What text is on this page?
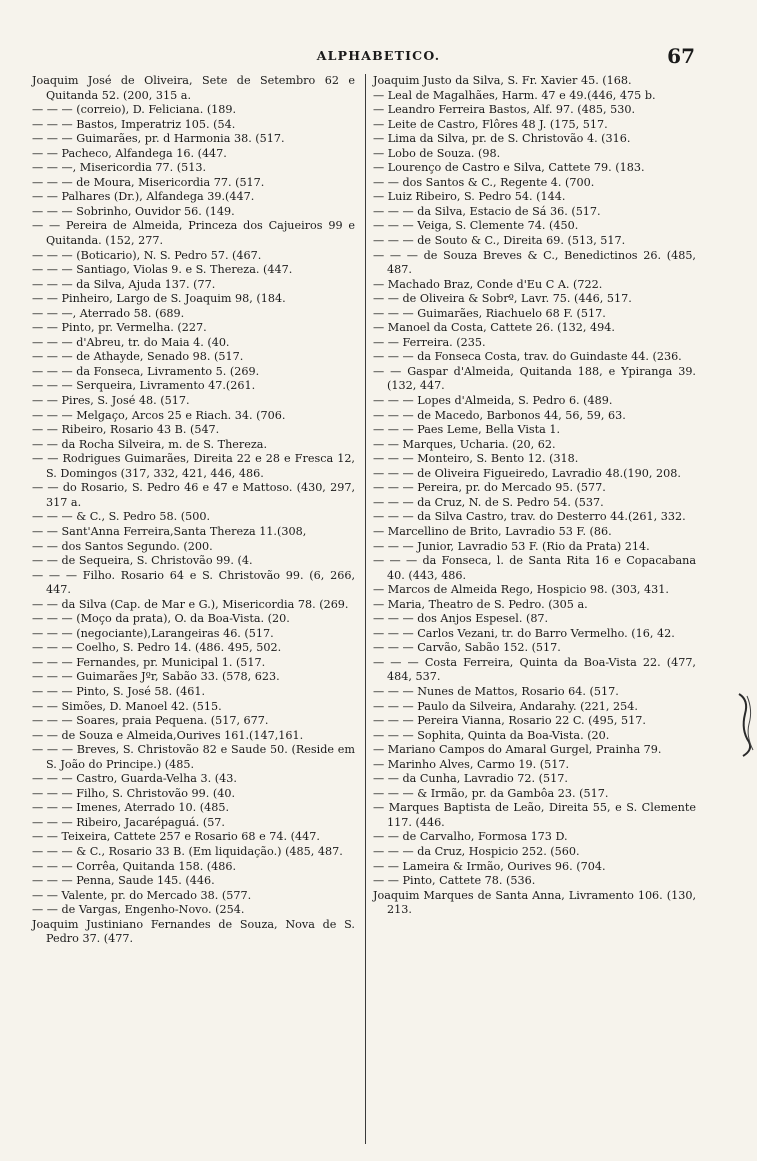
ALPHABETICO.	67

Joaquim José de Oliveira, Sete de Setembro 62 e Quitanda 52. (200, 315 a.

— — — (correio), D. Feliciana. (189.

— — — Bastos, Imperatriz 105. (54.

— — — Guimarães, pr. d Harmonia 38. (517.

— — Pacheco, Alfandega 16. (447.

— — —, Misericordia 77. (513.

— — — de Moura, Misericordia 77. (517.

— — Palhares (Dr.), Alfandega 39.(447.

— — — Sobrinho, Ouvidor 56. (149.

— — Pereira de Almeida, Princeza dos Cajueiros 99 e Quitanda. (152, 277.

— — — (Boticario), N. S. Pedro 57. (467.

— — — Santiago, Violas 9. e S. Thereza. (447.

— — — da Silva, Ajuda 137. (77.

— — Pinheiro, Largo de S. Joaquim 98, (184.

— — —, Aterrado 58. (689.

— — Pinto, pr. Vermelha. (227.

— — — d'Abreu, tr. do Maia 4. (40.

— — — de Athayde, Senado 98. (517.

— — — da Fonseca, Livramento 5. (269.

— — — Serqueira, Livramento 47.(261.

— — Pires, S. José 48. (517.

— — — Melgaço, Arcos 25 e Riach. 34. (706.

— — Ribeiro, Rosario 43 B. (547.

— — da Rocha Silveira, m. de S. Thereza.

— — Rodrigues Guimarães, Direita 22 e 28 e Fresca 12, S. Domingos (317, 332, 421, 446, 486.

— — do Rosario, S. Pedro 46 e 47 e Mattoso. (430, 297, 317 a.

— — — & C., S. Pedro 58. (500.

— — Sant'Anna Ferreira,Santa Thereza 11.(308,

— — dos Santos Segundo. (200.

— — de Sequeira, S. Christovão 99. (4.

— — — Filho. Rosario 64 e S. Christovão 99. (6, 266, 447.

— — da Silva (Cap. de Mar e G.), Misericordia 78. (269.

— — — (Moço da prata), O. da Boa-Vista. (20.

— — — (negociante),Larangeiras 46. (517.

— — — Coelho, S. Pedro 14. (486. 495, 502.

— — — Fernandes, pr. Municipal 1. (517.

— — — Guimarães Jºr, Sabão 33. (578, 623.

— — — Pinto, S. José 58. (461.

— — Simões, D. Manoel 42. (515.

— — — Soares, praia Pequena. (517, 677.

— — de Souza e Almeida,Ourives 161.(147,161.

— — — Breves, S. Christovão 82 e Saude 50. (Reside em S. João do Principe.) (485.

— — — Castro, Guarda-Velha 3. (43.

— — — Filho, S. Christovão 99. (40.

— — — Imenes, Aterrado 10. (485.

— — — Ribeiro, Jacarépaguá. (57.

— — Teixeira, Cattete 257 e Rosario 68 e 74. (447.

— — — & C., Rosario 33 B. (Em liquidação.) (485, 487.

— — — Corrêa, Quitanda 158. (486.

— — — Penna, Saude 145. (446.

— — Valente, pr. do Mercado 38. (577.

— — de Vargas, Engenho-Novo. (254.

Joaquim Justiniano Fernandes de Souza, Nova de S. Pedro 37. (477.

Joaquim Justo da Silva, S. Fr. Xavier 45. (168.

— Leal de Magalhães, Harm. 47 e 49.(446, 475 b.

— Leandro Ferreira Bastos, Alf. 97. (485, 530.

— Leite de Castro, Flôres 48 J. (175, 517.

— Lima da Silva, pr. de S. Christovão 4. (316.

— Lobo de Souza. (98.

— Lourenço de Castro e Silva, Cattete 79. (183.

— — dos Santos & C., Regente 4. (700.

— Luiz Ribeiro, S. Pedro 54. (144.

— — — da Silva, Estacio de Sá 36. (517.

— — — Veiga, S. Clemente 74. (450.

— — — de Souto & C., Direita 69. (513, 517.

— — — de Souza Breves & C., Benedictinos 26. (485, 487.

— Machado Braz, Conde d'Eu C A. (722.

— — de Oliveira & Sobrº, Lavr. 75. (446, 517.

— — — Guimarães, Riachuelo 68 F. (517.

— Manoel da Costa, Cattete 26. (132, 494.

— — Ferreira. (235.

— — — da Fonseca Costa, trav. do Guindaste 44. (236.

— — Gaspar d'Almeida, Quitanda 188, e Ypiranga 39. (132, 447.

— — — Lopes d'Almeida, S. Pedro 6. (489.

— — — de Macedo, Barbonos 44, 56, 59, 63.

— — — Paes Leme, Bella Vista 1.

— — Marques, Ucharia. (20, 62.

— — — Monteiro, S. Bento 12. (318.

— — — de Oliveira Figueiredo, Lavradio 48.(190, 208.

— — — Pereira, pr. do Mercado 95. (577.

— — — da Cruz, N. de S. Pedro 54. (537.

— — — da Silva Castro, trav. do Desterro 44.(261, 332.

— Marcellino de Brito, Lavradio 53 F. (86.

— — — Junior, Lavradio 53 F. (Rio da Prata) 214.

— — — da Fonseca, l. de Santa Rita 16 e Copacabana 40. (443, 486.

— Marcos de Almeida Rego, Hospicio 98. (303, 431.

— Maria, Theatro de S. Pedro. (305 a.

— — — dos Anjos Espesel. (87.

— — — Carlos Vezani, tr. do Barro Vermelho. (16, 42.

— — — Carvão, Sabão 152. (517.

— — — Costa Ferreira, Quinta da Boa-Vista 22. (477, 484, 537.

— — — Nunes de Mattos, Rosario 64. (517.

— — — Paulo da Silveira, Andarahy. (221, 254.

— — — Pereira Vianna, Rosario 22 C. (495, 517.

— — — Sophita, Quinta da Boa-Vista. (20.

— Mariano Campos do Amaral Gurgel, Prainha 79.

— Marinho Alves, Carmo 19. (517.

— — da Cunha, Lavradio 72. (517.

— — — & Irmão, pr. da Gambôa 23. (517.

— Marques Baptista de Leão, Direita 55, e S. Clemente 117. (446.

— — de Carvalho, Formosa 173 D.

— — — da Cruz, Hospicio 252. (560.

— — Lameira & Irmão, Ourives 96. (704.

— — Pinto, Cattete 78. (536.

Joaquim Marques de Santa Anna, Livramento 106. (130, 213.
